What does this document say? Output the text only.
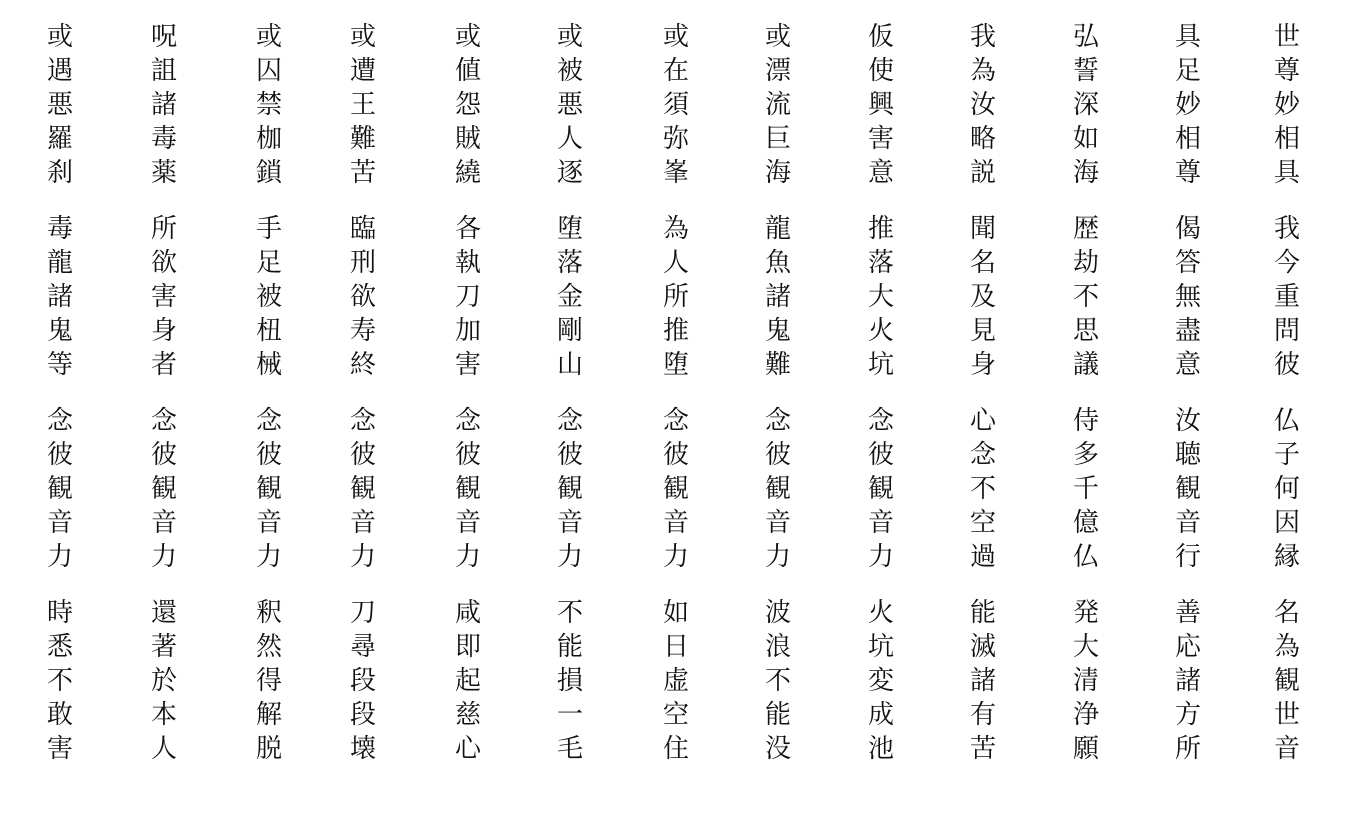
世
尊
妙
相
具
我
今
重
問
彼
仏
子
何
因
縁
名
為
観
世
音
具
足
妙
相
尊
偈
答
無
盡
意
汝
聴
観
音
行
善
応
諸
方
所
弘
誓
深
如
海
歴
劫
不
思
議
侍
多
千
億
仏
発
大
清
浄
願
我
為
汝
略
説
聞
名
及
見
身
心
念
不
空
過
能
滅
諸
有
苦
仮
使
興
害
意
推
落
大
火
坑
念
彼
観
音
力
火
坑
変
成
池
或
漂
流
巨
海
龍
魚
諸
鬼
難
念
彼
観
音
力
波
浪
不
能
没
或
在
須
弥
峯
為
人
所
推
堕
念
彼
観
音
力
如
日
虚
空
住
或
被
悪
人
逐
堕
落
金
剛
山
念
彼
観
音
力
不
能
損
一
毛
或
値
怨
賊
繞
各
執
刀
加
害
念
彼
観
音
力
咸
即
起
慈
心
或
遭
王
難
苦
臨
刑
欲
寿
終
念
彼
観
音
力
刀
尋
段
段
壊
或
囚
禁
枷
鎖
手
足
被
杻
械
念
彼
観
音
力
釈
然
得
解
脱
呪
詛
諸
毒
薬
所
欲
害
身
者
念
彼
観
音
力
還
著
於
本
人
或
遇
悪
羅
刹
毒
龍
諸
鬼
等
念
彼
観
音
力
時
悉
不
敢
害
